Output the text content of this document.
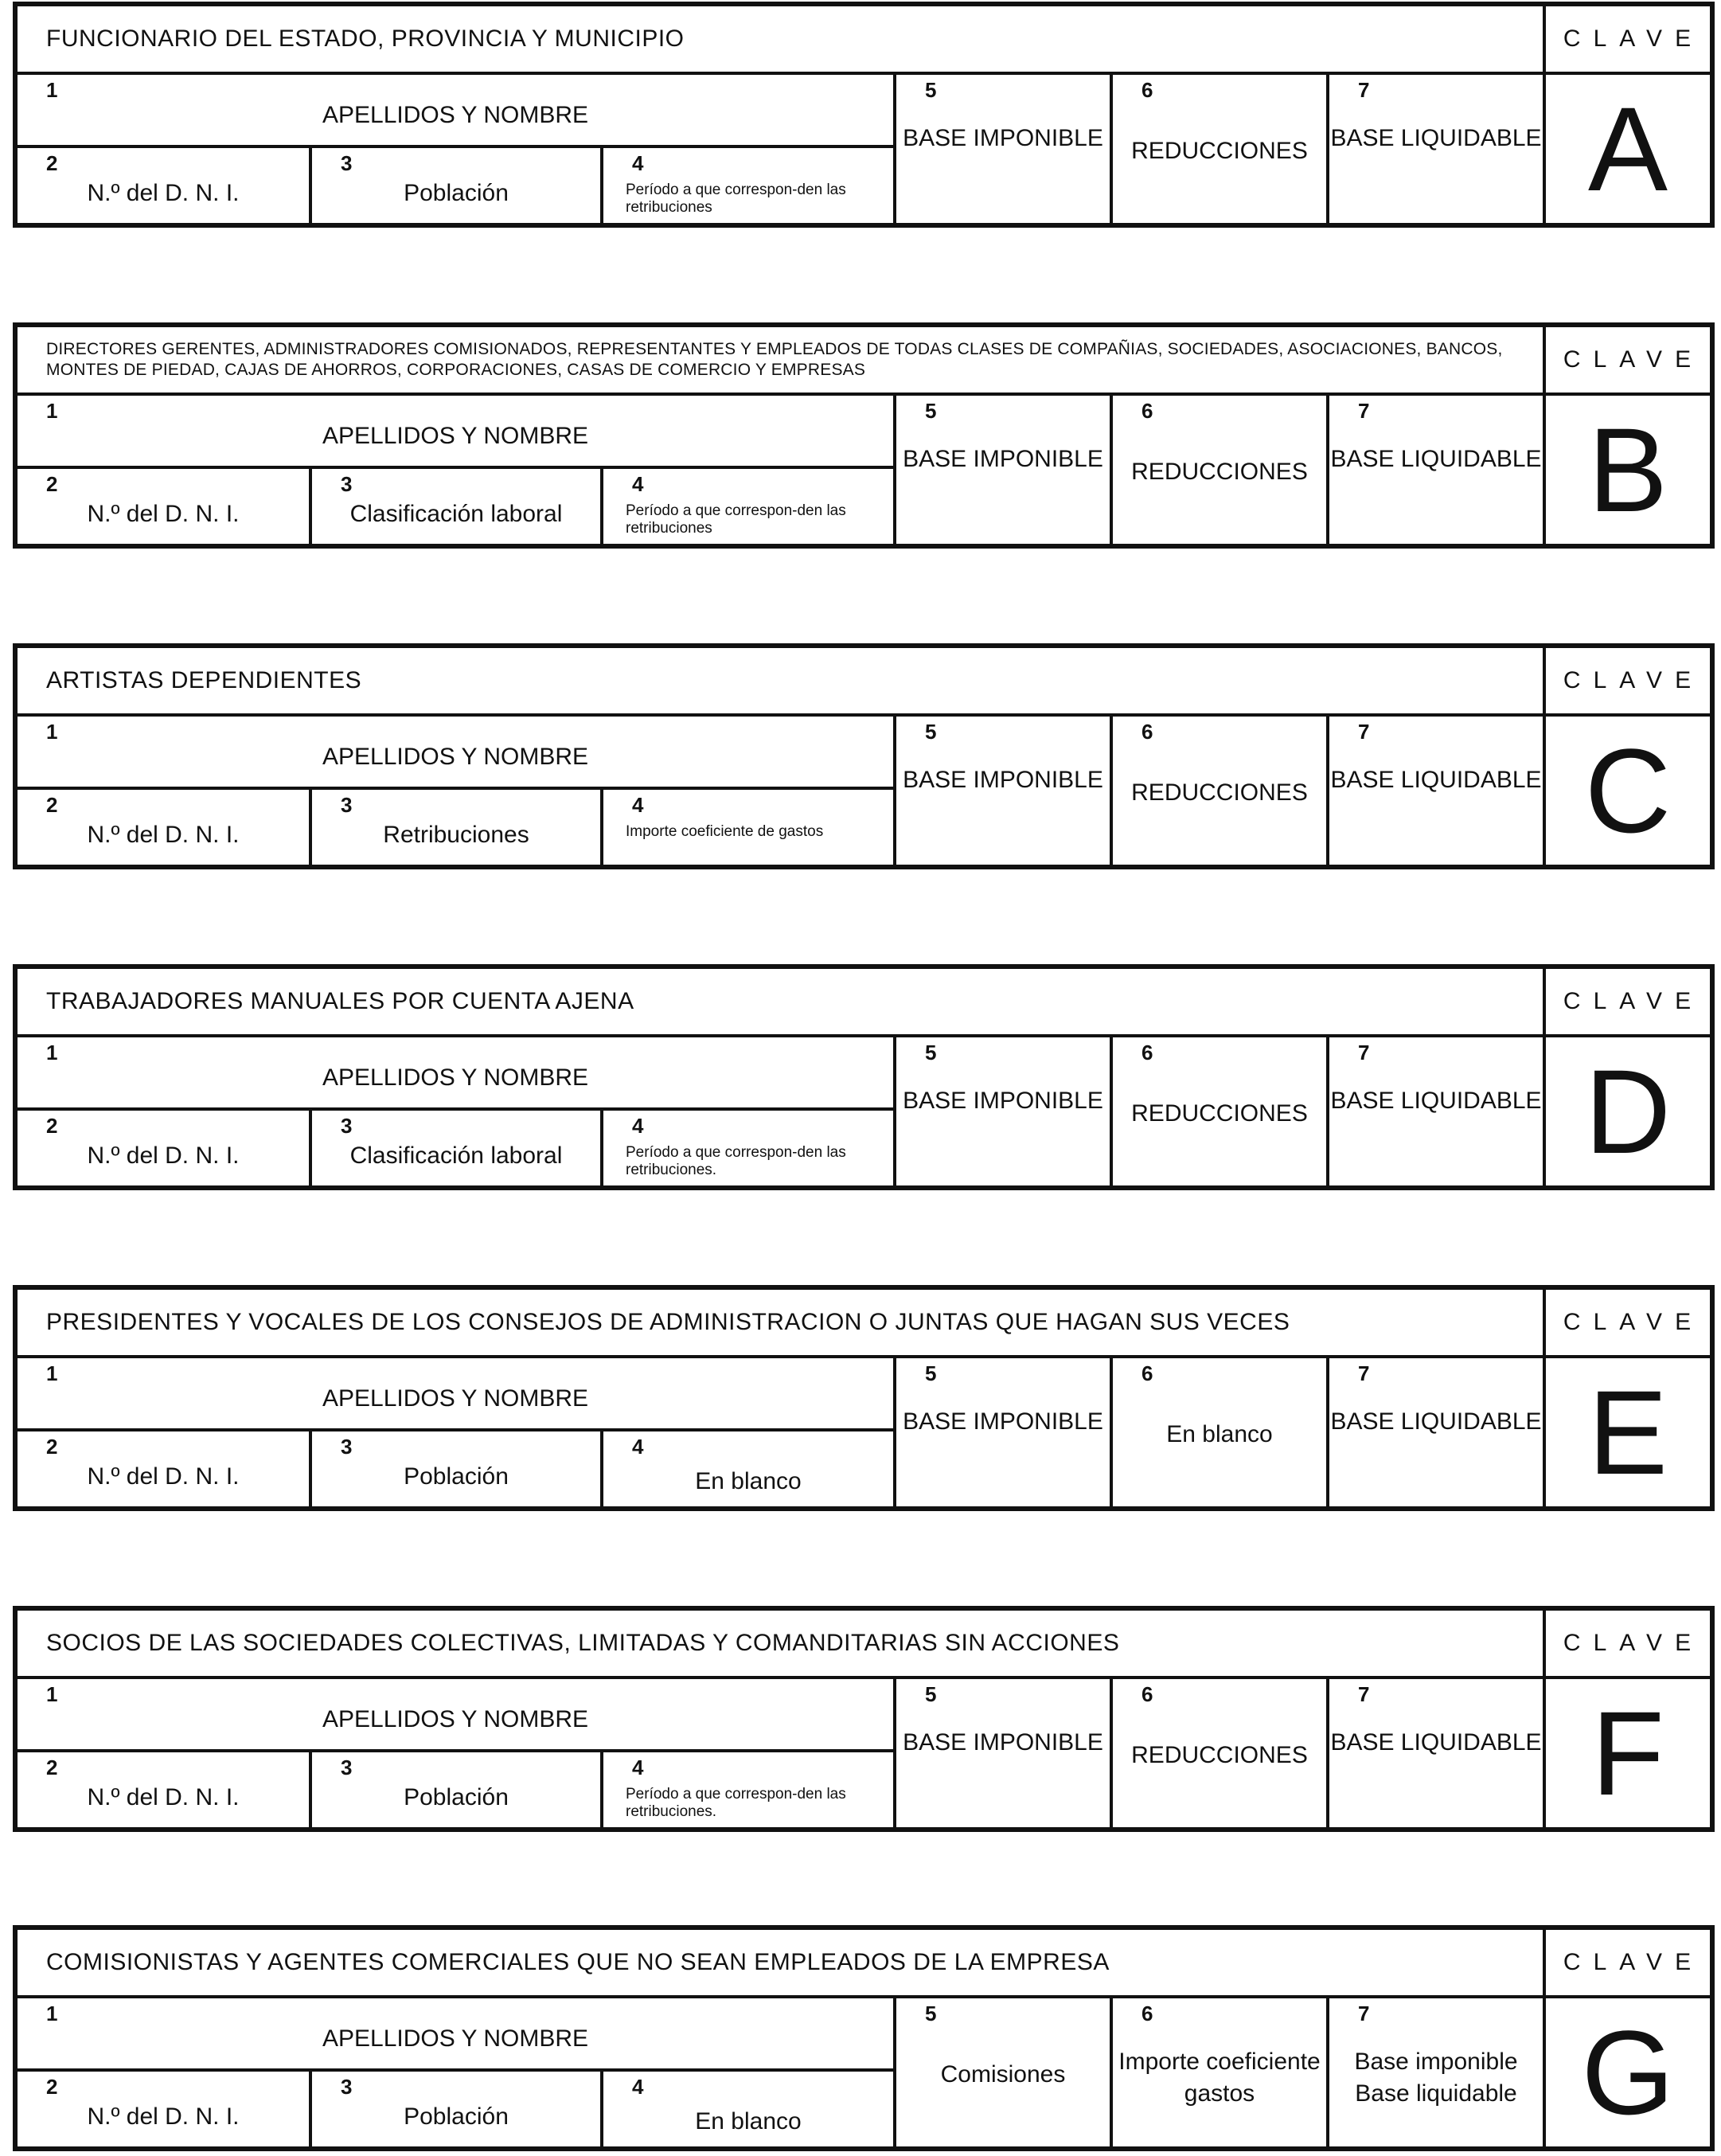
FUNCIONARIO DEL ESTADO, PROVINCIA Y MUNICIPIO	CLAVE
A
1
APELLIDOS Y NOMBRE
2
N.º del D. N. I.
3
Población
4
Período a que correspon-den las retribuciones
5
BASE IMPONIBLE
6
REDUCCIONES
7
BASE LIQUIDABLE
DIRECTORES GERENTES, ADMINISTRADORES COMISIONADOS, REPRESENTANTES Y EMPLEADOS DE TODAS CLASES DE COMPAÑIAS, SOCIEDADES, ASOCIACIONES, BANCOS, MONTES DE PIEDAD, CAJAS DE AHORROS, CORPORACIONES, CASAS DE COMERCIO Y EMPRESAS	CLAVE
B
1
APELLIDOS Y NOMBRE
2
N.º del D. N. I.
3
Clasificación laboral
4
Período a que correspon-den las retribuciones
5
BASE IMPONIBLE
6
REDUCCIONES
7
BASE LIQUIDABLE
ARTISTAS DEPENDIENTES	CLAVE
C
1
APELLIDOS Y NOMBRE
2
N.º del D. N. I.
3
Retribuciones
4
Importe coeficiente de gastos
5
BASE IMPONIBLE
6
REDUCCIONES
7
BASE LIQUIDABLE
TRABAJADORES MANUALES POR CUENTA AJENA	CLAVE
D
1
APELLIDOS Y NOMBRE
2
N.º del D. N. I.
3
Clasificación laboral
4
Período a que correspon-den las retribuciones.
5
BASE IMPONIBLE
6
REDUCCIONES
7
BASE LIQUIDABLE
PRESIDENTES Y VOCALES DE LOS CONSEJOS DE ADMINISTRACION O JUNTAS QUE HAGAN SUS VECES	CLAVE
E
1
APELLIDOS Y NOMBRE
2
N.º del D. N. I.
3
Población
4
En blanco
5
BASE IMPONIBLE
6
En blanco
7
BASE LIQUIDABLE
SOCIOS DE LAS SOCIEDADES COLECTIVAS, LIMITADAS Y COMANDITARIAS SIN ACCIONES	CLAVE
F
1
APELLIDOS Y NOMBRE
2
N.º del D. N. I.
3
Población
4
Período a que correspon-den las retribuciones.
5
BASE IMPONIBLE
6
REDUCCIONES
7
BASE LIQUIDABLE
COMISIONISTAS Y AGENTES COMERCIALES QUE NO SEAN EMPLEADOS DE LA EMPRESA	CLAVE
G
1
APELLIDOS Y NOMBRE
2
N.º del D. N. I.
3
Población
4
En blanco
5
Comisiones
6
Importe coeficiente gastos
7
Base imponible Base liquidable
